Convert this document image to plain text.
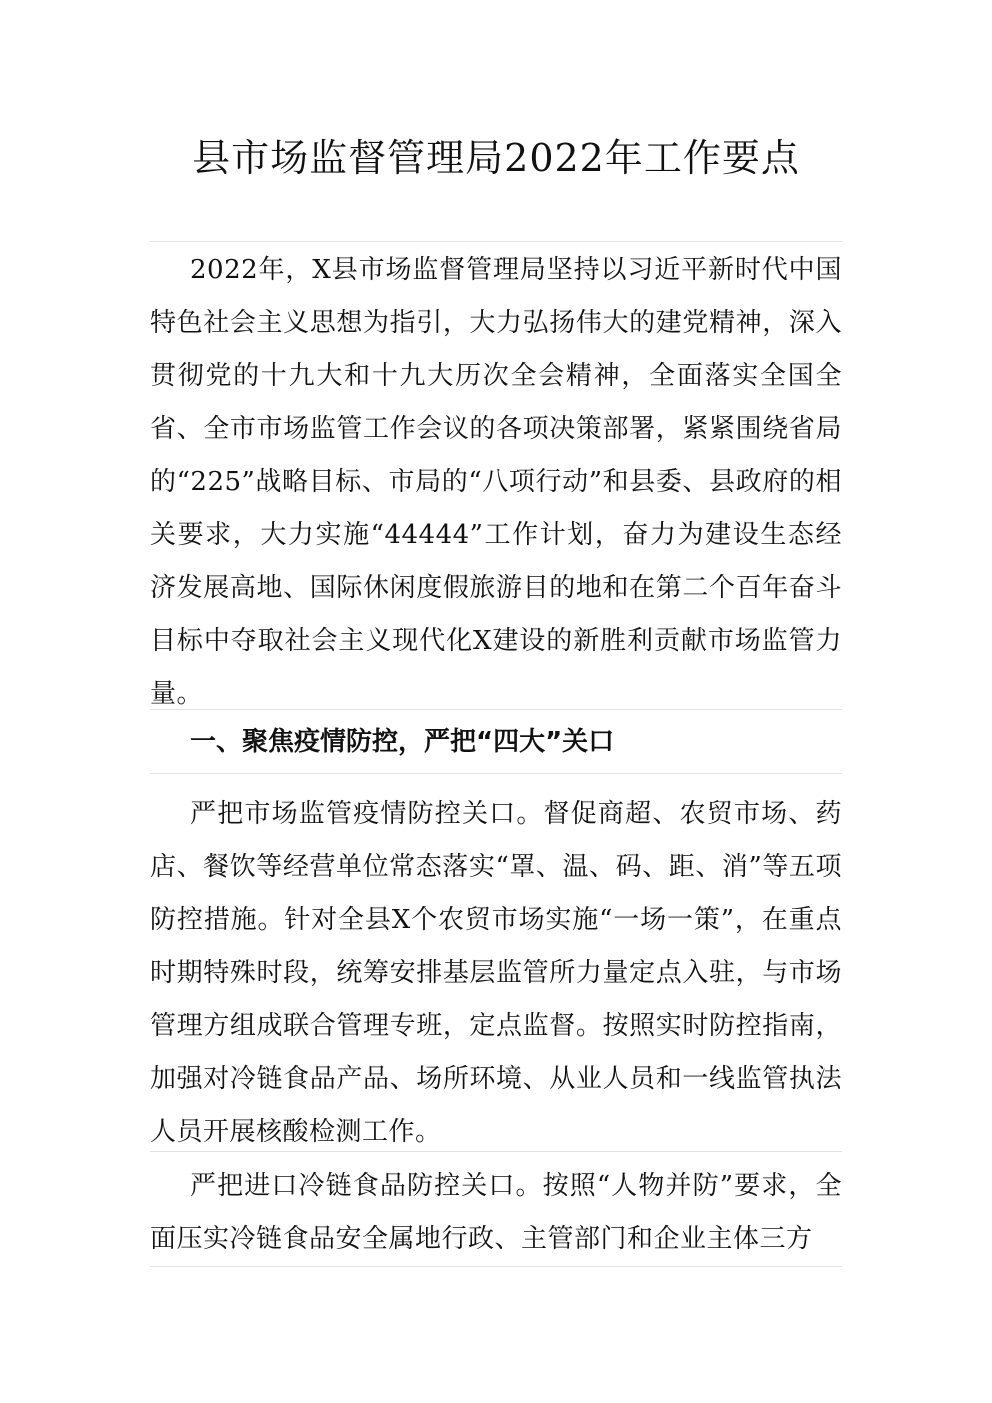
县市场监督管理局2022年工作要点

2022年，X县市场监督管理局坚持以习近平新时代中国特色社会主义思想为指引，大力弘扬伟大的建党精神，深入贯彻党的十九大和十九大历次全会精神，全面落实全国全省、全市市场监管工作会议的各项决策部署，紧紧围绕省局的“225”战略目标、市局的“八项行动”和县委、县政府的相关要求，大力实施“44444”工作计划，奋力为建设生态经济发展高地、国际休闲度假旅游目的地和在第二个百年奋斗目标中夺取社会主义现代化X建设的新胜利贡献市场监管力量。

一、聚焦疫情防控，严把“四大”关口

严把市场监管疫情防控关口。督促商超、农贸市场、药店、餐饮等经营单位常态落实“罩、温、码、距、消”等五项防控措施。针对全县X个农贸市场实施“一场一策”，在重点时期特殊时段，统筹安排基层监管所力量定点入驻，与市场管理方组成联合管理专班，定点监督。按照实时防控指南，加强对冷链食品产品、场所环境、从业人员和一线监管执法人员开展核酸检测工作。

严把进口冷链食品防控关口。按照“人物并防”要求，全面压实冷链食品安全属地行政、主管部门和企业主体三方
